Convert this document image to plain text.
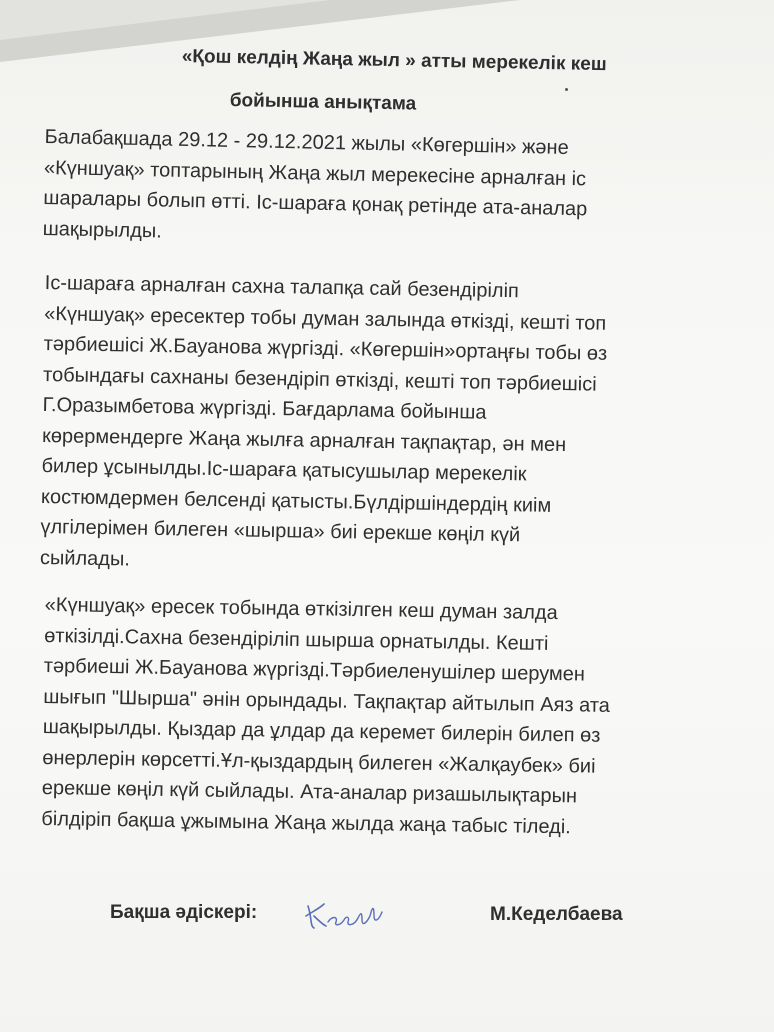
«Қош келдің Жаңа жыл » атты мерекелік кеш
бойынша анықтама
Балабақшада 29.12 - 29.12.2021 жылы «Көгершін» және
«Күншуақ» топтарының Жаңа жыл мерекесіне арналған іс
шаралары болып өтті. Іс-шараға қонақ ретінде ата-аналар
шақырылды.
Іс-шараға арналған сахна талапқа сай безендіріліп
«Күншуақ» ересектер тобы думан залында өткізді, кешті топ
тәрбиешісі Ж.Бауанова жүргізді. «Көгершін»ортаңғы тобы өз
тобындағы сахнаны безендіріп өткізді, кешті топ тәрбиешісі
Г.Оразымбетова жүргізді. Бағдарлама бойынша
көрермендерге Жаңа жылға арналған тақпақтар, ән мен
билер ұсынылды.Іс-шараға қатысушылар мерекелік
костюмдермен белсенді қатысты.Бүлдіршіндердің киім
үлгілерімен билеген «шырша» биі ерекше көңіл күй
сыйлады.
«Күншуақ» ересек тобында өткізілген кеш думан залда
өткізілді.Сахна безендіріліп шырша орнатылды. Кешті
тәрбиеші Ж.Бауанова жүргізді.Тәрбиеленушілер шерумен
шығып "Шырша" әнін орындады. Тақпақтар айтылып Аяз ата
шақырылды. Қыздар да ұлдар да керемет билерін билеп өз
өнерлерін көрсетті.Ұл-қыздардың билеген «Жалқаубек» биі
ерекше көңіл күй сыйлады. Ата-аналар ризашылықтарын
білдіріп бақша ұжымына Жаңа жылда жаңа табыс тіледі.
Бақша әдіскері:	М.Кеделбаева
